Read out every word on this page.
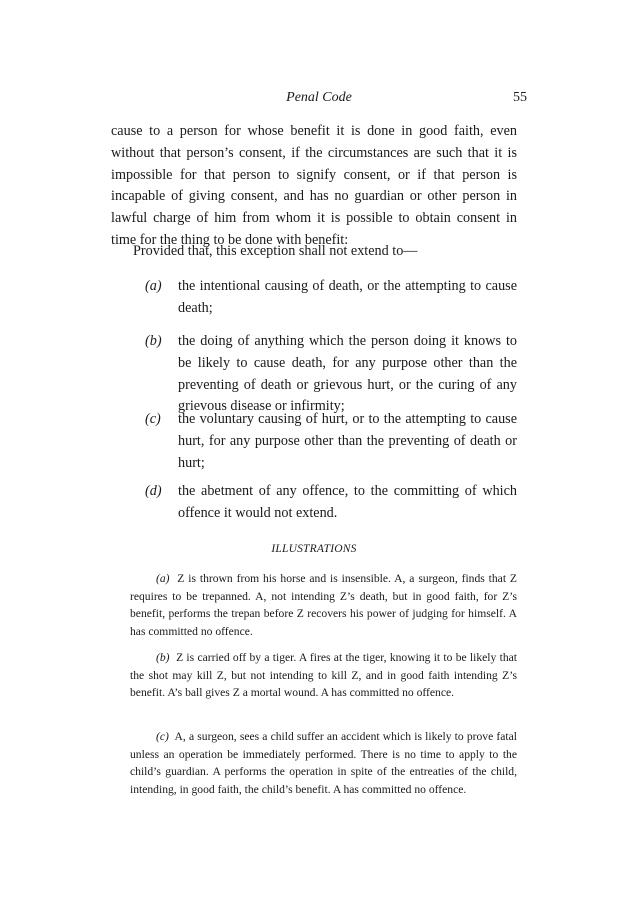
Penal Code	55
cause to a person for whose benefit it is done in good faith, even without that person’s consent, if the circumstances are such that it is impossible for that person to signify consent, or if that person is incapable of giving consent, and has no guardian or other person in lawful charge of him from whom it is possible to obtain consent in time for the thing to be done with benefit:
Provided that, this exception shall not extend to—
(a)	the intentional causing of death, or the attempting to cause death;
(b)	the doing of anything which the person doing it knows to be likely to cause death, for any purpose other than the preventing of death or grievous hurt, or the curing of any grievous disease or infirmity;
(c)	the voluntary causing of hurt, or to the attempting to cause hurt, for any purpose other than the preventing of death or hurt;
(d)	the abetment of any offence, to the committing of which offence it would not extend.
ILLUSTRATIONS
(a)  Z is thrown from his horse and is insensible. A, a surgeon, finds that Z requires to be trepanned. A, not intending Z’s death, but in good faith, for Z’s benefit, performs the trepan before Z recovers his power of judging for himself. A has committed no offence.
(b)  Z is carried off by a tiger. A fires at the tiger, knowing it to be likely that the shot may kill Z, but not intending to kill Z, and in good faith intending Z’s benefit. A’s ball gives Z a mortal wound. A has committed no offence.
(c)  A, a surgeon, sees a child suffer an accident which is likely to prove fatal unless an operation be immediately performed. There is no time to apply to the child’s guardian. A performs the operation in spite of the entreaties of the child, intending, in good faith, the child’s benefit. A has committed no offence.
